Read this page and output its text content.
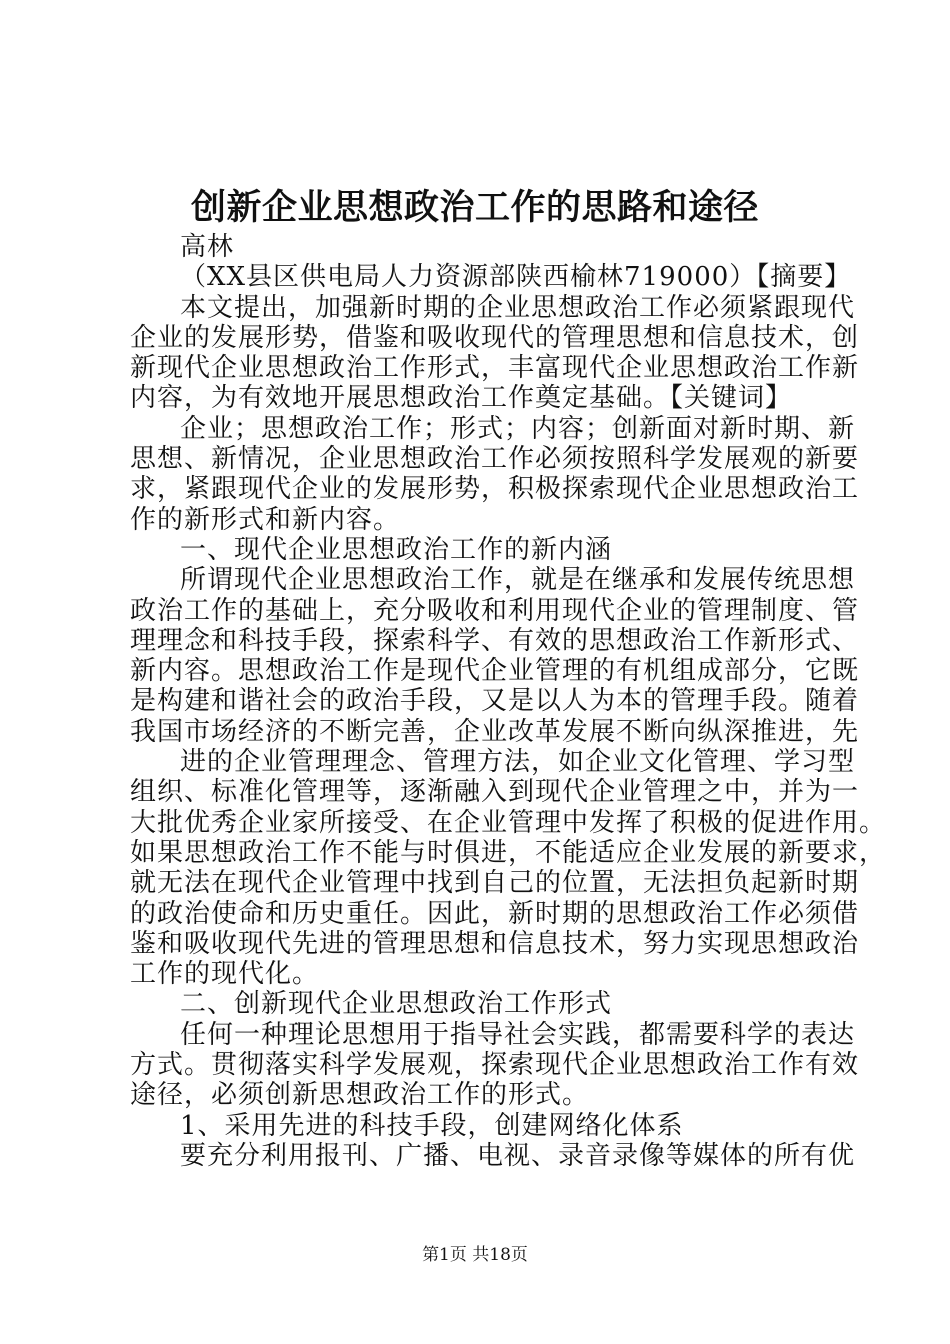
创新企业思想政治工作的思路和途径

高林

（XX县区供电局人力资源部陕西榆林719000）【摘要】

本文提出，加强新时期的企业思想政治工作必须紧跟现代

企业的发展形势，借鉴和吸收现代的管理思想和信息技术，创

新现代企业思想政治工作形式，丰富现代企业思想政治工作新

内容，为有效地开展思想政治工作奠定基础。【关键词】

企业；思想政治工作；形式；内容；创新面对新时期、新

思想、新情况，企业思想政治工作必须按照科学发展观的新要

求，紧跟现代企业的发展形势，积极探索现代企业思想政治工

作的新形式和新内容。

一、现代企业思想政治工作的新内涵

所谓现代企业思想政治工作，就是在继承和发展传统思想

政治工作的基础上，充分吸收和利用现代企业的管理制度、管

理理念和科技手段，探索科学、有效的思想政治工作新形式、

新内容。思想政治工作是现代企业管理的有机组成部分，它既

是构建和谐社会的政治手段，又是以人为本的管理手段。随着

我国市场经济的不断完善，企业改革发展不断向纵深推进，先

进的企业管理理念、管理方法，如企业文化管理、学习型

组织、标准化管理等，逐渐融入到现代企业管理之中，并为一

大批优秀企业家所接受、在企业管理中发挥了积极的促进作用。

如果思想政治工作不能与时俱进，不能适应企业发展的新要求，

就无法在现代企业管理中找到自己的位置，无法担负起新时期

的政治使命和历史重任。因此，新时期的思想政治工作必须借

鉴和吸收现代先进的管理思想和信息技术，努力实现思想政治

工作的现代化。

二、创新现代企业思想政治工作形式

任何一种理论思想用于指导社会实践，都需要科学的表达

方式。贯彻落实科学发展观，探索现代企业思想政治工作有效

途径，必须创新思想政治工作的形式。

1、采用先进的科技手段，创建网络化体系

要充分利用报刊、广播、电视、录音录像等媒体的所有优

第1页 共18页
